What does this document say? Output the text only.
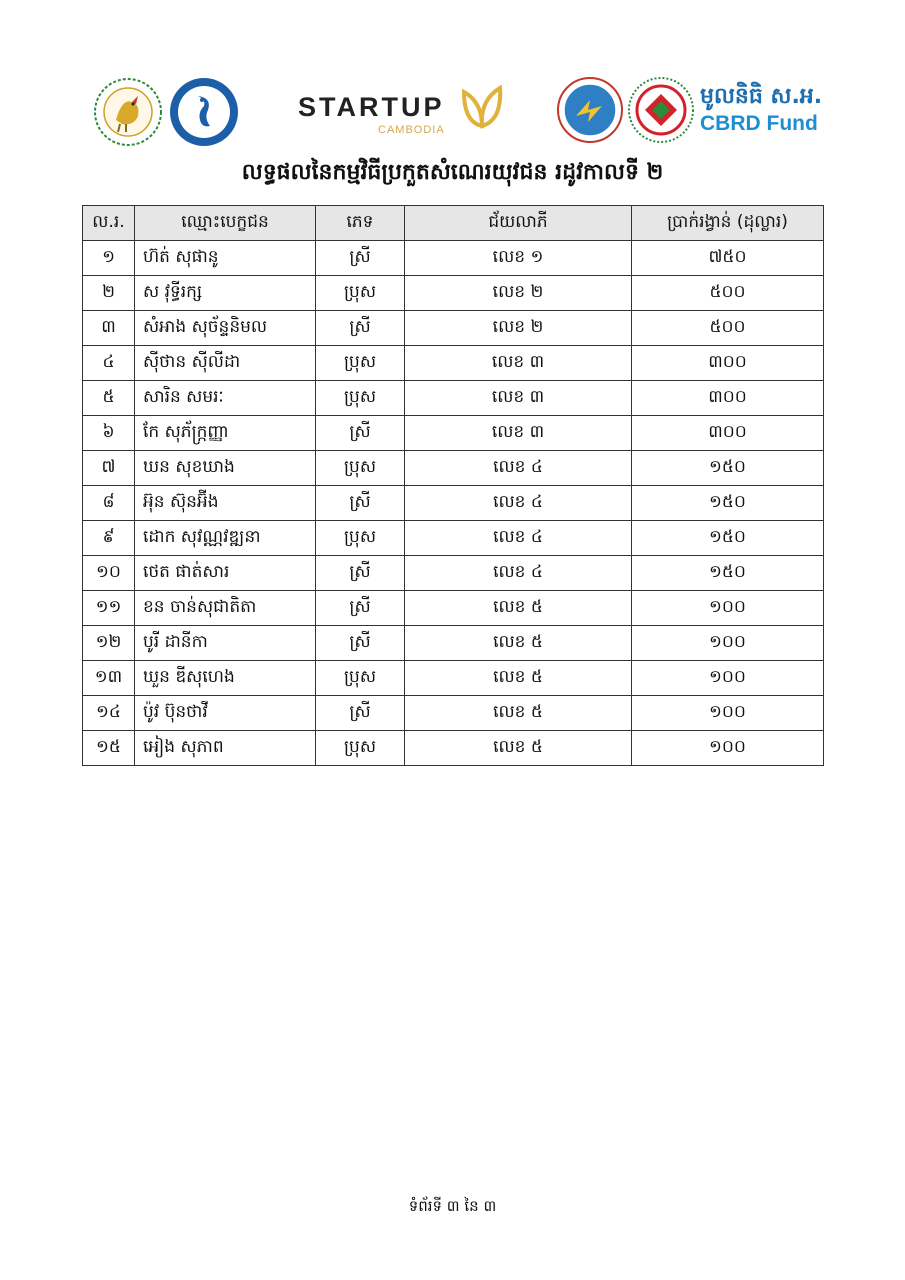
STARTUP
CAMBODIA
មូលនិធិ ស.អ.
CBRD Fund
លទ្ធផលនៃកម្មវិធីប្រកួតសំណេរយុវជន រដូវកាលទី ២
ល.រ.	ឈ្មោះបេក្ខជន	ភេទ	ជ័យលាភី	ប្រាក់រង្វាន់ (ដុល្លារ)
១	ហ៊ត់ សុផានូ	ស្រី	លេខ ១	៧៥០
២	ស វុទ្ធីរក្ស	ប្រុស	លេខ ២	៥០០
៣	សំអាង សុច័ន្ទនិមល	ស្រី	លេខ ២	៥០០
៤	ស៊ីថាន ស៊ីលីដា	ប្រុស	លេខ ៣	៣០០
៥	សារិន សមរៈ	ប្រុស	លេខ ៣	៣០០
៦	កែ សុភ័ក្រ្កញ្ញា	ស្រី	លេខ ៣	៣០០
៧	ឃន សុខឃាង	ប្រុស	លេខ ៤	១៥០
៨	អ៊ុន ស៊ុនអ៊ីង	ស្រី	លេខ ៤	១៥០
៩	ដោក សុវណ្ណវឌ្ឍនា	ប្រុស	លេខ ៤	១៥០
១០	ថេត ផាត់សារ	ស្រី	លេខ ៤	១៥០
១១	ខន ចាន់សុជាតិតា	ស្រី	លេខ ៥	១០០
១២	បូរី ដានីកា	ស្រី	លេខ ៥	១០០
១៣	ឃួន ឌីសុហេង	ប្រុស	លេខ ៥	១០០
១៤	ប៉ូវ ប៊ុនថាវី	ស្រី	លេខ ៥	១០០
១៥	អៀង សុភាព	ប្រុស	លេខ ៥	១០០
ទំព័រទី ៣ នៃ ៣
